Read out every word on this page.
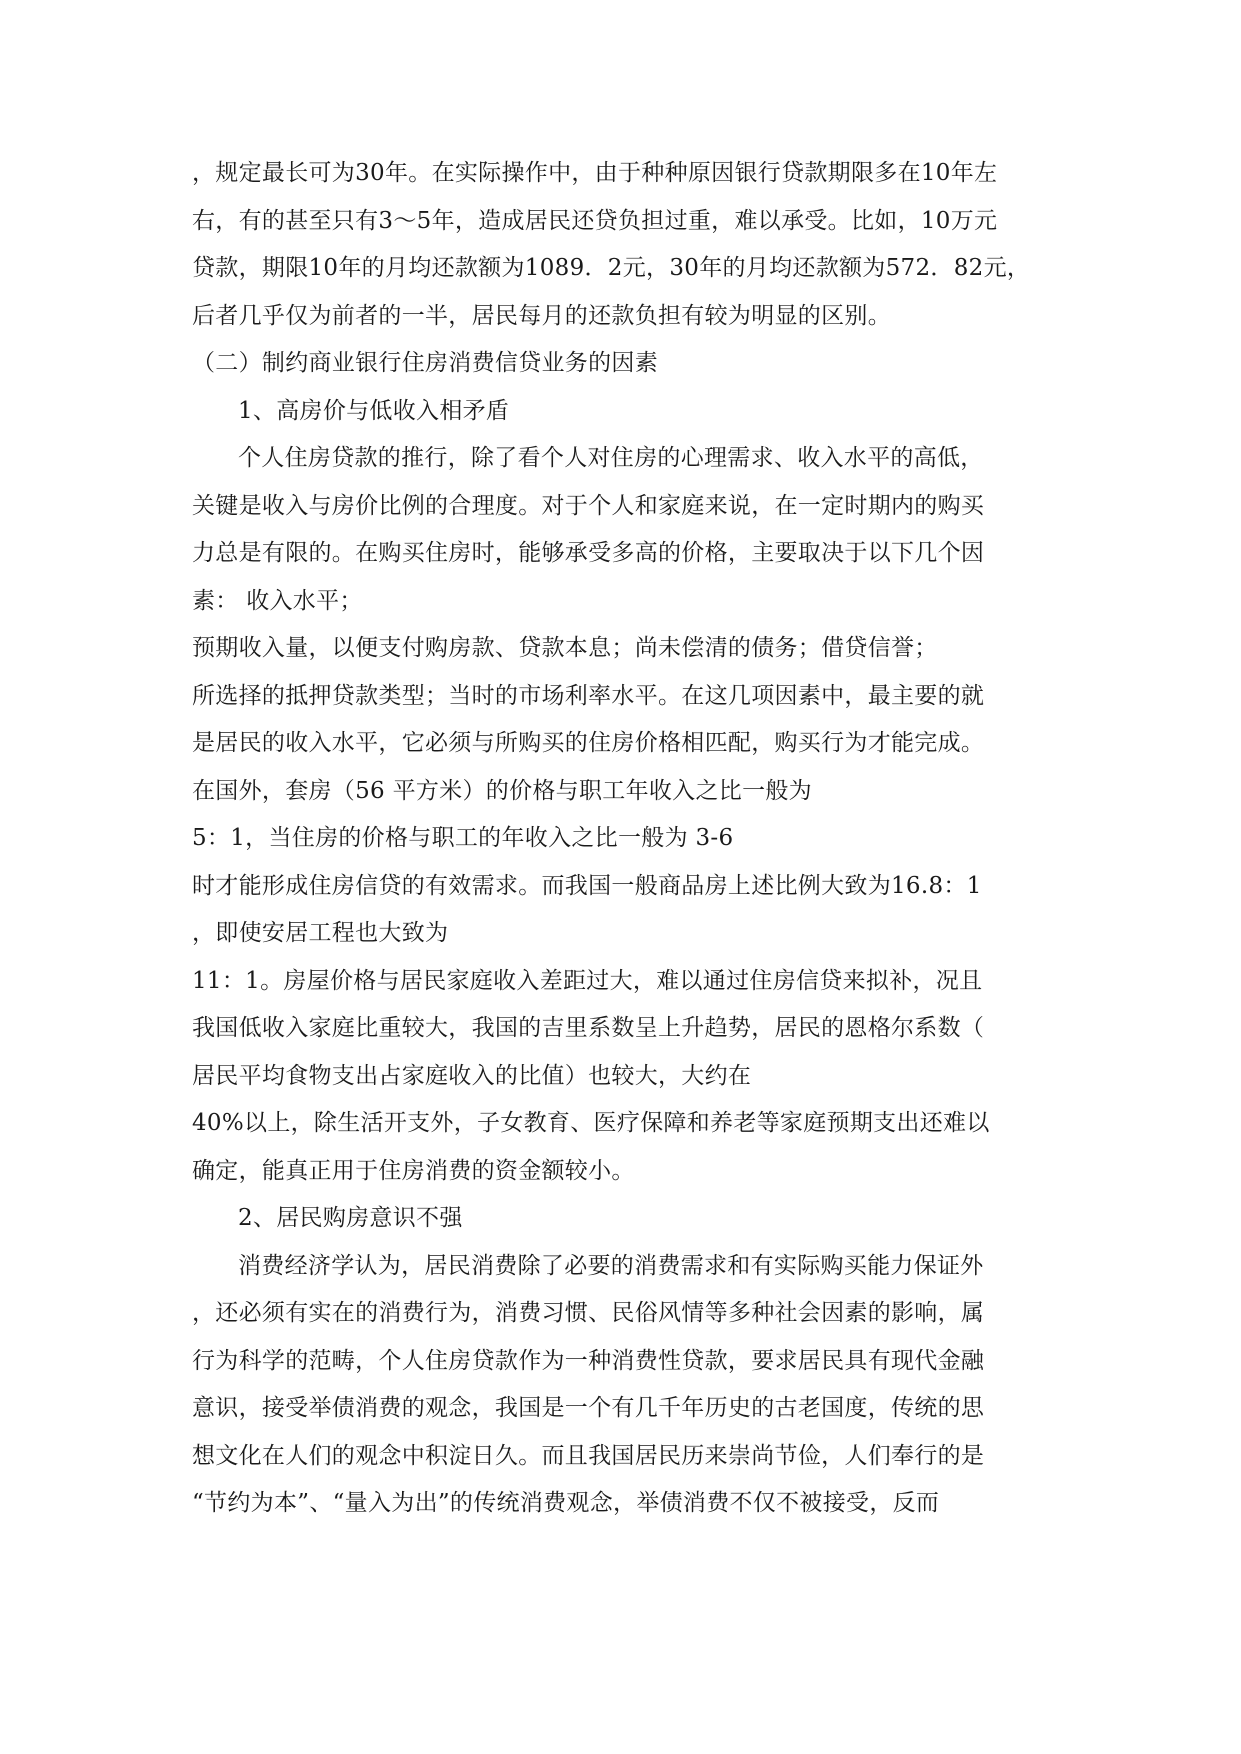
，规定最长可为30年。在实际操作中，由于种种原因银行贷款期限多在10年左
右，有的甚至只有3～5年，造成居民还贷负担过重，难以承受。比如，10万元
贷款，期限10年的月均还款额为1089．2元，30年的月均还款额为572．82元，
后者几乎仅为前者的一半，居民每月的还款负担有较为明显的区别。
（二）制约商业银行住房消费信贷业务的因素
1、高房价与低收入相矛盾
个人住房贷款的推行，除了看个人对住房的心理需求、收入水平的高低，
关键是收入与房价比例的合理度。对于个人和家庭来说，在一定时期内的购买
力总是有限的。在购买住房时，能够承受多高的价格，主要取决于以下几个因
素： 收入水平；
预期收入量，以便支付购房款、贷款本息；尚未偿清的债务；借贷信誉；
所选择的抵押贷款类型；当时的市场利率水平。在这几项因素中，最主要的就
是居民的收入水平，它必须与所购买的住房价格相匹配，购买行为才能完成。
在国外，套房（56 平方米）的价格与职工年收入之比一般为
5：1，当住房的价格与职工的年收入之比一般为 3-6
时才能形成住房信贷的有效需求。而我国一般商品房上述比例大致为16.8：1
，即使安居工程也大致为
11：1。房屋价格与居民家庭收入差距过大，难以通过住房信贷来拟补，况且
我国低收入家庭比重较大，我国的吉里系数呈上升趋势，居民的恩格尔系数（
居民平均食物支出占家庭收入的比值）也较大，大约在
40%以上，除生活开支外，子女教育、医疗保障和养老等家庭预期支出还难以
确定，能真正用于住房消费的资金额较小。
2、居民购房意识不强
消费经济学认为，居民消费除了必要的消费需求和有实际购买能力保证外
，还必须有实在的消费行为，消费习惯、民俗风情等多种社会因素的影响，属
行为科学的范畴，个人住房贷款作为一种消费性贷款，要求居民具有现代金融
意识，接受举债消费的观念，我国是一个有几千年历史的古老国度，传统的思
想文化在人们的观念中积淀日久。而且我国居民历来崇尚节俭，人们奉行的是
“节约为本”、“量入为出”的传统消费观念，举债消费不仅不被接受，反而
